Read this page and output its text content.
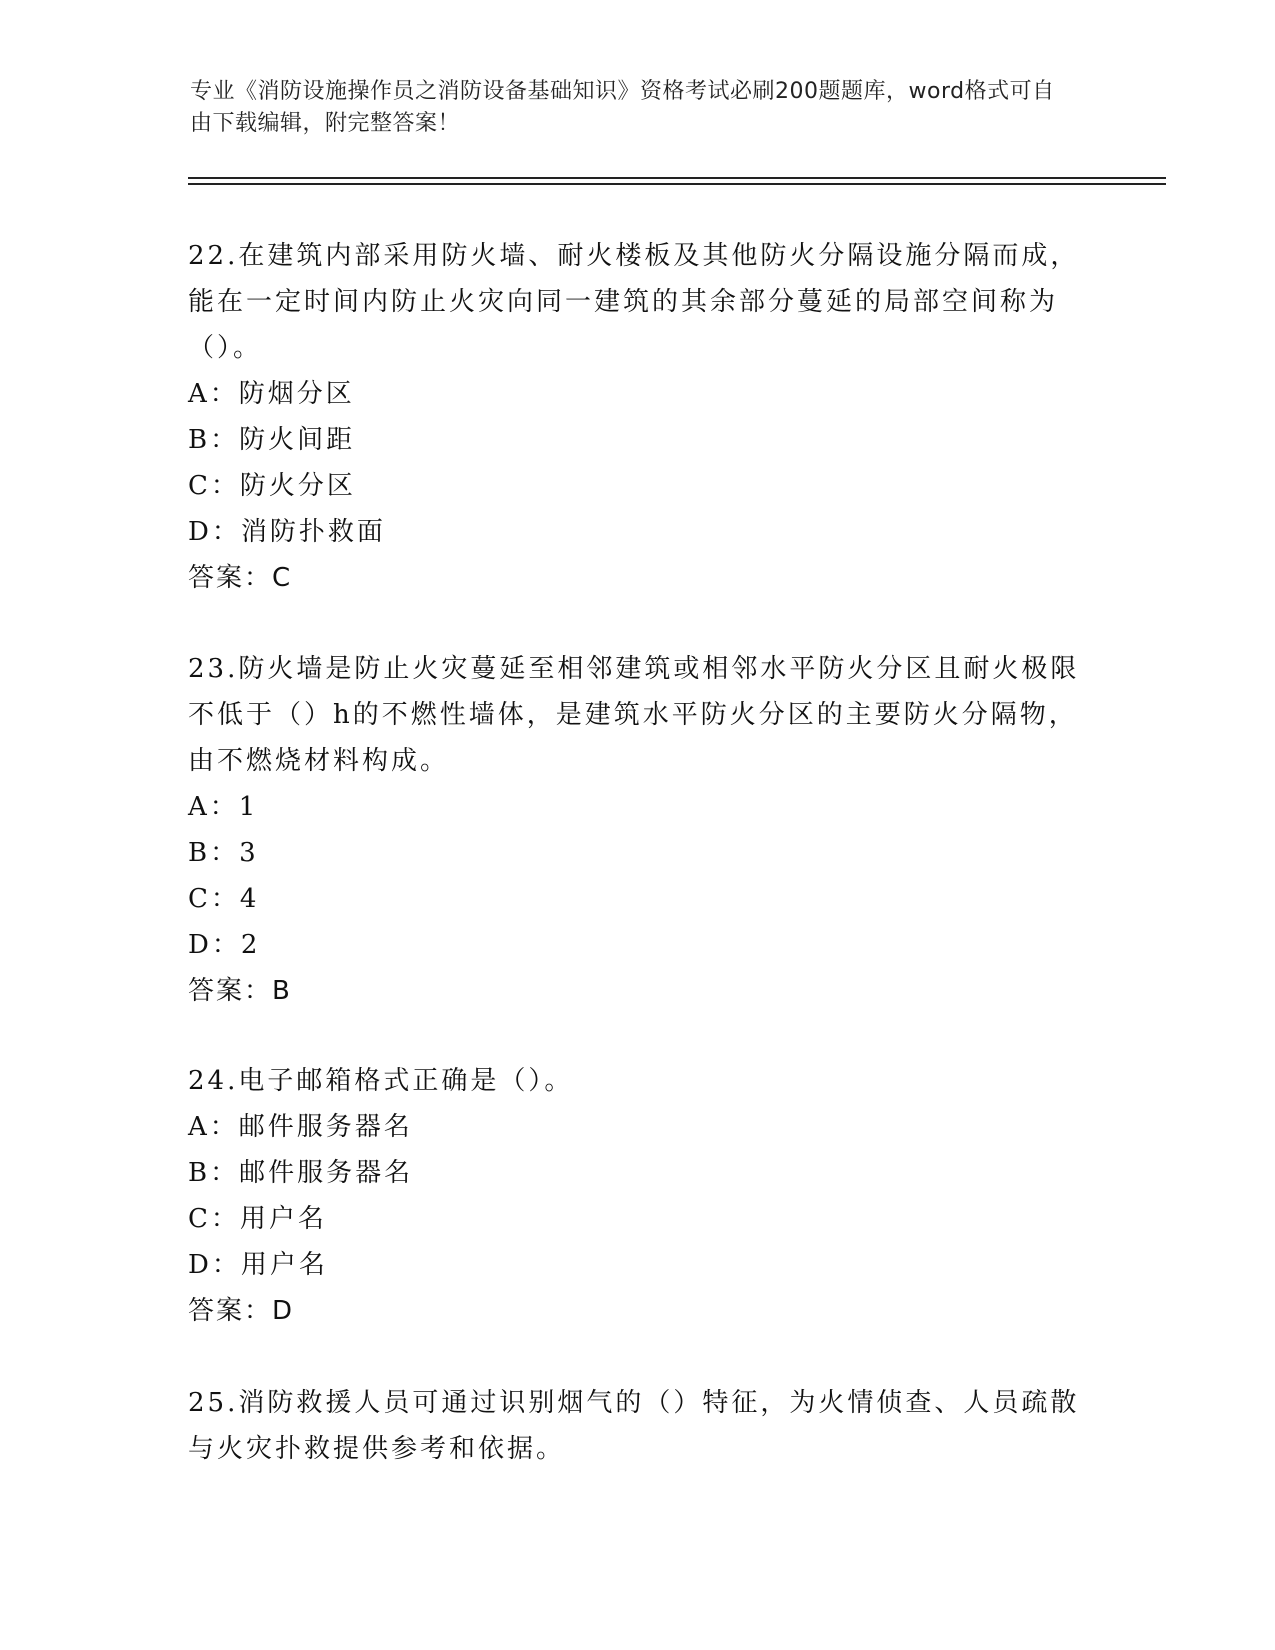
专业《消防设施操作员之消防设备基础知识》资格考试必刷200题题库，word格式可自由下载编辑，附完整答案！

22.在建筑内部采用防火墙、耐火楼板及其他防火分隔设施分隔而成，能在一定时间内防止火灾向同一建筑的其余部分蔓延的局部空间称为（）。

A：防烟分区

B：防火间距

C：防火分区

D：消防扑救面

答案：C

23.防火墙是防止火灾蔓延至相邻建筑或相邻水平防火分区且耐火极限不低于（）h的不燃性墙体，是建筑水平防火分区的主要防火分隔物，由不燃烧材料构成。

A：1

B：3

C：4

D：2

答案：B

24.电子邮箱格式正确是（）。

A：邮件服务器名

B：邮件服务器名

C：用户名

D：用户名

答案：D

25.消防救援人员可通过识别烟气的（）特征，为火情侦查、人员疏散与火灾扑救提供参考和依据。
